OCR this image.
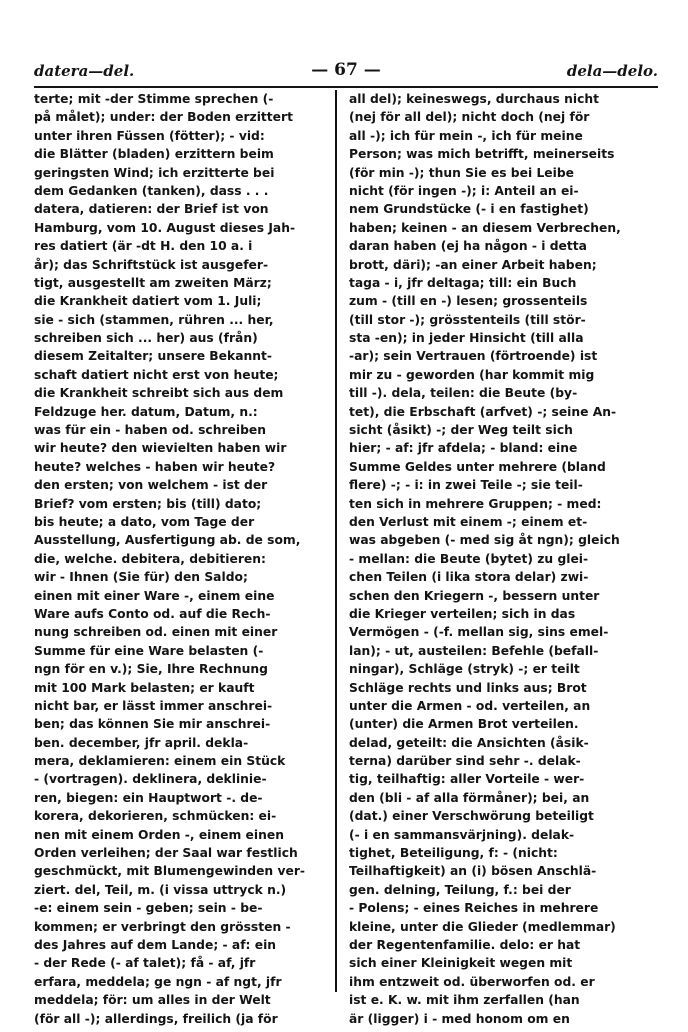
datera—del.	— 67 —	dela—delo.
terte; mit -der Stimme sprechen (-
på målet); under: der Boden erzittert
unter ihren Füssen (fötter); - vid:
die Blätter (bladen) erzittern beim
geringsten Wind; ich erzitterte bei
dem Gedanken (tanken), dass . . .
datera, datieren: der Brief ist von
Hamburg, vom 10. August dieses Jah-
res datiert (är -dt H. den 10 a. i
år); das Schriftstück ist ausgefer-
tigt, ausgestellt am zweiten März;
die Krankheit datiert vom 1. Juli;
sie - sich (stammen, rühren ... her,
schreiben sich ... her) aus (från)
diesem Zeitalter; unsere Bekannt-
schaft datiert nicht erst von heute;
die Krankheit schreibt sich aus dem
Feldzuge her. datum, Datum, n.:
was für ein - haben od. schreiben
wir heute? den wievielten haben wir
heute? welches - haben wir heute?
den ersten; von welchem - ist der
Brief? vom ersten; bis (till) dato;
bis heute; a dato, vom Tage der
Ausstellung, Ausfertigung ab. de som,
die, welche. debitera, debitieren:
wir - Ihnen (Sie für) den Saldo;
einen mit einer Ware -, einem eine
Ware aufs Conto od. auf die Rech-
nung schreiben od. einen mit einer
Summe für eine Ware belasten (-
ngn för en v.); Sie, Ihre Rechnung
mit 100 Mark belasten; er kauft
nicht bar, er lässt immer anschrei-
ben; das können Sie mir anschrei-
ben. december, jfr april. dekla-
mera, deklamieren: einem ein Stück
- (vortragen). deklinera, deklinie-
ren, biegen: ein Hauptwort -. de-
korera, dekorieren, schmücken: ei-
nen mit einem Orden -, einem einen
Orden verleihen; der Saal war festlich
geschmückt, mit Blumengewinden ver-
ziert. del, Teil, m. (i vissa uttryck n.)
-e: einem sein - geben; sein - be-
kommen; er verbringt den grössten -
des Jahres auf dem Lande; - af: ein
- der Rede (- af talet); få - af, jfr
erfara, meddela; ge ngn - af ngt, jfr
meddela; för: um alles in der Welt
(för all -); allerdings, freilich (ja för
all del); keineswegs, durchaus nicht
(nej för all del); nicht doch (nej för
all -); ich für mein -, ich für meine
Person; was mich betrifft, meinerseits
(för min -); thun Sie es bei Leibe
nicht (för ingen -); i: Anteil an ei-
nem Grundstücke (- i en fastighet)
haben; keinen - an diesem Verbrechen,
daran haben (ej ha någon - i detta
brott, däri); -an einer Arbeit haben;
taga - i, jfr deltaga; till: ein Buch
zum - (till en -) lesen; grossenteils
(till stor -); grösstenteils (till stör-
sta -en); in jeder Hinsicht (till alla
-ar); sein Vertrauen (förtroende) ist
mir zu - geworden (har kommit mig
till -). dela, teilen: die Beute (by-
tet), die Erbschaft (arfvet) -; seine An-
sicht (åsikt) -; der Weg teilt sich
hier; - af: jfr afdela; - bland: eine
Summe Geldes unter mehrere (bland
flere) -; - i: in zwei Teile -; sie teil-
ten sich in mehrere Gruppen; - med:
den Verlust mit einem -; einem et-
was abgeben (- med sig åt ngn); gleich
- mellan: die Beute (bytet) zu glei-
chen Teilen (i lika stora delar) zwi-
schen den Kriegern -, bessern unter
die Krieger verteilen; sich in das
Vermögen - (-f. mellan sig, sins emel-
lan); - ut, austeilen: Befehle (befall-
ningar), Schläge (stryk) -; er teilt
Schläge rechts und links aus; Brot
unter die Armen - od. verteilen, an
(unter) die Armen Brot verteilen.
delad, geteilt: die Ansichten (åsik-
terna) darüber sind sehr -. delak-
tig, teilhaftig: aller Vorteile - wer-
den (bli - af alla förmåner); bei, an
(dat.) einer Verschwörung beteiligt
(- i en sammansvärjning). delak-
tighet, Beteiligung, f: - (nicht:
Teilhaftigkeit) an (i) bösen Anschlä-
gen. delning, Teilung, f.: bei der
- Polens; - eines Reiches in mehrere
kleine, unter die Glieder (medlemmar)
der Regentenfamilie. delo: er hat
sich einer Kleinigkeit wegen mit
ihm entzweit od. überworfen od. er
ist e. K. w. mit ihm zerfallen (han
är (ligger) i - med honom om en
